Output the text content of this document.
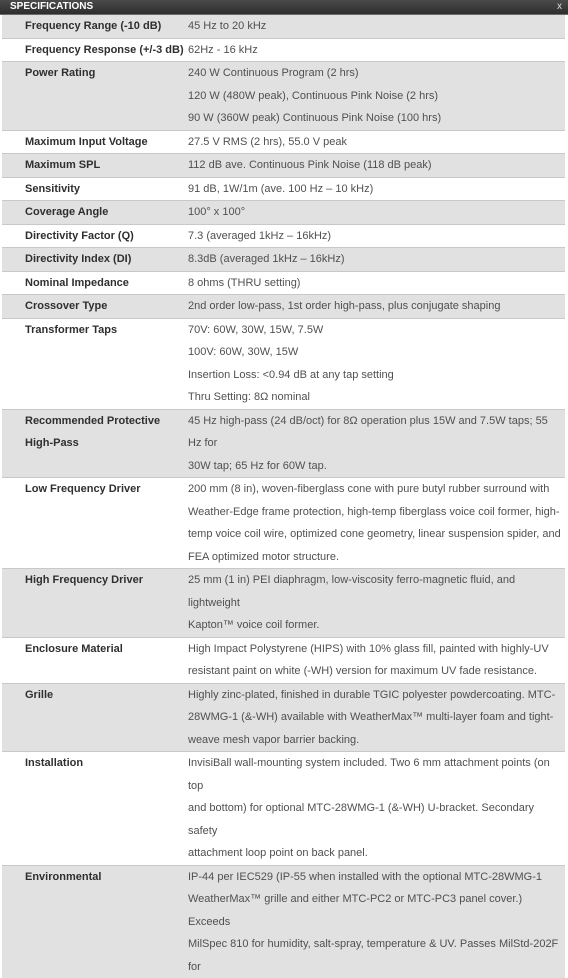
SPECIFICATIONS	x
Frequency Range (-10 dB)	45 Hz to 20 kHz

Frequency Response (+/-3 dB)	62Hz - 16 kHz

Power Rating	240 W Continuous Program (2 hrs)
120 W (480W peak), Continuous Pink Noise (2 hrs)
90 W (360W peak) Continuous Pink Noise (100 hrs)

Maximum Input Voltage	27.5 V RMS (2 hrs), 55.0 V peak

Maximum SPL	112 dB ave. Continuous Pink Noise (118 dB peak)

Sensitivity	91 dB, 1W/1m (ave. 100 Hz – 10 kHz)

Coverage Angle	100° x 100°

Directivity Factor (Q)	7.3 (averaged 1kHz – 16kHz)

Directivity Index (DI)	8.3dB (averaged 1kHz – 16kHz)

Nominal Impedance	8 ohms (THRU setting)

Crossover Type	2nd order low-pass, 1st order high-pass, plus conjugate shaping

Transformer Taps	70V: 60W, 30W, 15W, 7.5W
100V: 60W, 30W, 15W
Insertion Loss: <0.94 dB at any tap setting
Thru Setting: 8Ω nominal

Recommended Protective
High-Pass	45 Hz high-pass (24 dB/oct) for 8Ω operation plus 15W and 7.5W taps; 55 Hz for
30W tap; 65 Hz for 60W tap.

Low Frequency Driver	200 mm (8 in), woven-fiberglass cone with pure butyl rubber surround with
Weather-Edge frame protection, high-temp fiberglass voice coil former, high-
temp voice coil wire, optimized cone geometry, linear suspension spider, and
FEA optimized motor structure.

High Frequency Driver	25 mm (1 in) PEI diaphragm, low-viscosity ferro-magnetic fluid, and lightweight
Kapton™ voice coil former.

Enclosure Material	High Impact Polystyrene (HIPS) with 10% glass fill, painted with highly-UV
resistant paint on white (-WH) version for maximum UV fade resistance.

Grille	Highly zinc-plated, finished in durable TGIC polyester powdercoating. MTC-
28WMG-1 (&-WH) available with WeatherMax™ multi-layer foam and tight-
weave mesh vapor barrier backing.

Installation	InvisiBall wall-mounting system included. Two 6 mm attachment points (on top
and bottom) for optional MTC-28WMG-1 (&-WH) U-bracket. Secondary safety
attachment loop point on back panel.

Environmental	IP-44 per IEC529 (IP-55 when installed with the optional MTC-28WMG-1
WeatherMax™ grille and either MTC-PC2 or MTC-PC3 panel cover.) Exceeds
MilSpec 810 for humidity, salt-spray, temperature & UV. Passes MilStd-202F for
